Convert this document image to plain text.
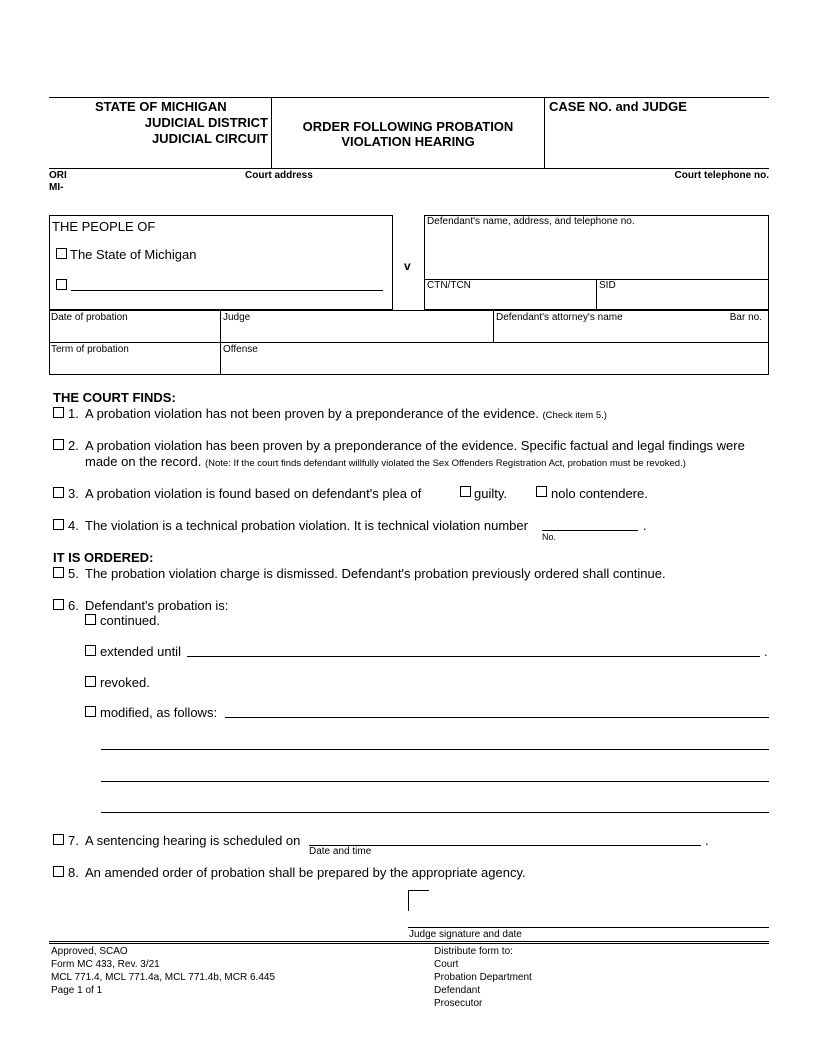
STATE OF MICHIGAN
JUDICIAL DISTRICT
JUDICIAL CIRCUIT
ORDER FOLLOWING PROBATION
VIOLATION HEARING
CASE NO. and JUDGE
ORI
MI-
Court address	Court telephone no.
THE PEOPLE OF
The State of Michigan
v
Defendant's name, address, and telephone no.
CTN/TCN	SID
Date of probation	Judge	Defendant's attorney's name	Bar no.
Term of probation	Offense
THE COURT FINDS:
1. A probation violation has not been proven by a preponderance of the evidence. (Check item 5.)
2. A probation violation has been proven by a preponderance of the evidence. Specific factual and legal findings were
made on the record. (Note: If the court finds defendant willfully violated the Sex Offenders Registration Act, probation must be revoked.)
3. A probation violation is found based on defendant's plea of	guilty.	nolo contendere.
4. The violation is a technical probation violation. It is technical violation number	.
No.
IT IS ORDERED:
5. The probation violation charge is dismissed. Defendant's probation previously ordered shall continue.
6. Defendant's probation is:
continued.
extended until	.
revoked.
modified, as follows:
7. A sentencing hearing is scheduled on	.
Date and time
8. An amended order of probation shall be prepared by the appropriate agency.
Judge signature and date
Approved, SCAO
Form MC 433, Rev. 3/21
MCL 771.4, MCL 771.4a, MCL 771.4b, MCR 6.445
Page 1 of 1
Distribute form to:
Court
Probation Department
Defendant
Prosecutor
